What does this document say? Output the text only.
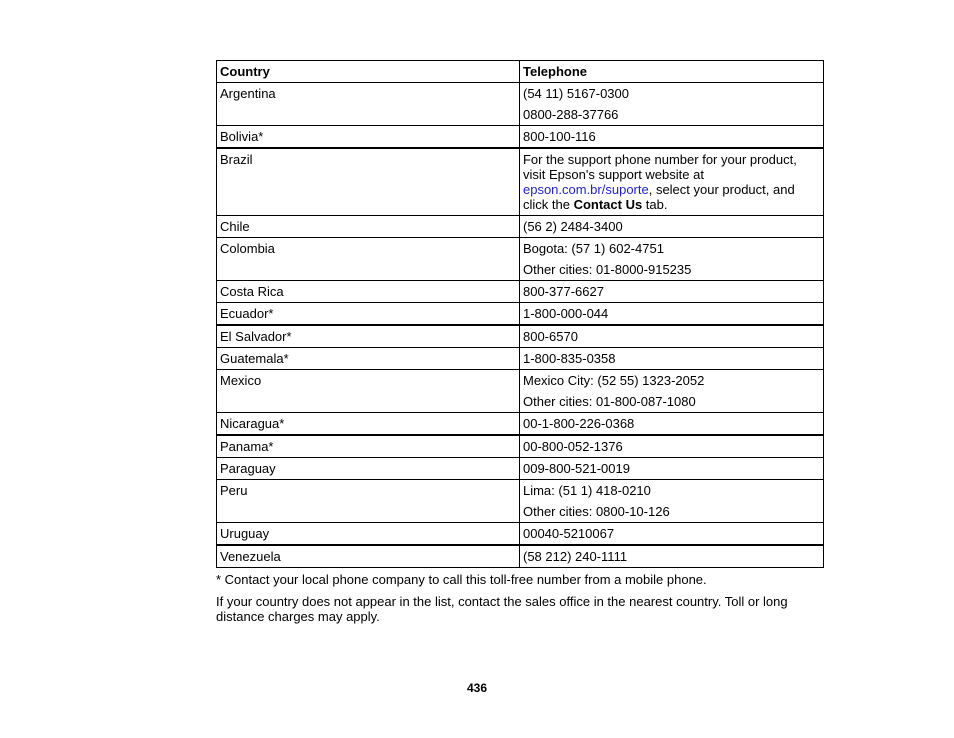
Country	Telephone
Argentina	(54 11) 5167-0300
0800-288-37766

Bolivia*	800-100-116

Brazil	For the support phone number for your product, visit Epson's support website at epson.com.br/suporte, select your product, and click the Contact Us tab.
Chile	(56 2) 2484-3400

Colombia	Bogota: (57 1) 602-4751
Other cities: 01-8000-915235

Costa Rica	800-377-6627

Ecuador*	1-800-000-044

El Salvador*	800-6570

Guatemala*	1-800-835-0358

Mexico	Mexico City: (52 55) 1323-2052
Other cities: 01-800-087-1080

Nicaragua*	00-1-800-226-0368

Panama*	00-800-052-1376

Paraguay	009-800-521-0019

Peru	Lima: (51 1) 418-0210
Other cities: 0800-10-126

Uruguay	00040-5210067

Venezuela	(58 212) 240-1111

* Contact your local phone company to call this toll-free number from a mobile phone.

If your country does not appear in the list, contact the sales office in the nearest country. Toll or long distance charges may apply.

436
